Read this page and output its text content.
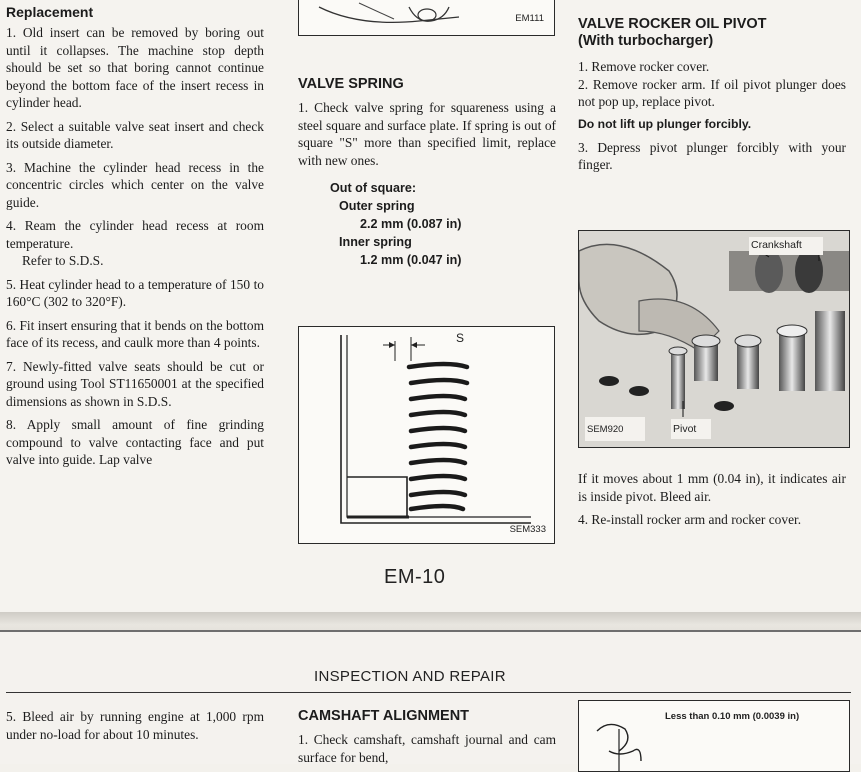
Replacement

1. Old insert can be removed by boring out until it collapses. The machine stop depth should be set so that boring cannot continue beyond the bottom face of the insert recess in cylinder head.

2. Select a suitable valve seat insert and check its outside diameter.

3. Machine the cylinder head recess in the concentric circles which center on the valve guide.

4. Ream the cylinder head recess at room temperature.

Refer to S.D.S.

5. Heat cylinder head to a temperature of 150 to 160°C (302 to 320°F).

6. Fit insert ensuring that it bends on the bottom face of its recess, and caulk more than 4 points.

7. Newly-fitted valve seats should be cut or ground using Tool ST11650001 at the specified dimensions as shown in S.D.S.

8. Apply small amount of fine grinding compound to valve contacting face and put valve into guide. Lap valve

EM111
VALVE SPRING
1. Check valve spring for squareness using a steel square and surface plate. If spring is out of square "S" more than specified limit, replace with new ones.
Out of square:
Outer spring
2.2 mm (0.087 in)
Inner spring
1.2 mm (0.047 in)
S
SEM333
EM-10
VALVE ROCKER OIL PIVOT
(With turbocharger)

1. Remove rocker cover.

2. Remove rocker arm. If oil pivot plunger does not pop up, replace pivot.

Do not lift up plunger forcibly.
3. Depress pivot plunger forcibly with your finger.
Crankshaft
Pivot
SEM920

If it moves about 1 mm (0.04 in), it indicates air is inside pivot. Bleed air.

4. Re-install rocker arm and rocker cover.

INSPECTION AND REPAIR
5. Bleed air by running engine at 1,000 rpm under no-load for about 10 minutes.
CAMSHAFT ALIGNMENT
1. Check camshaft, camshaft journal and cam surface for bend,
Less than 0.10 mm (0.0039 in)
